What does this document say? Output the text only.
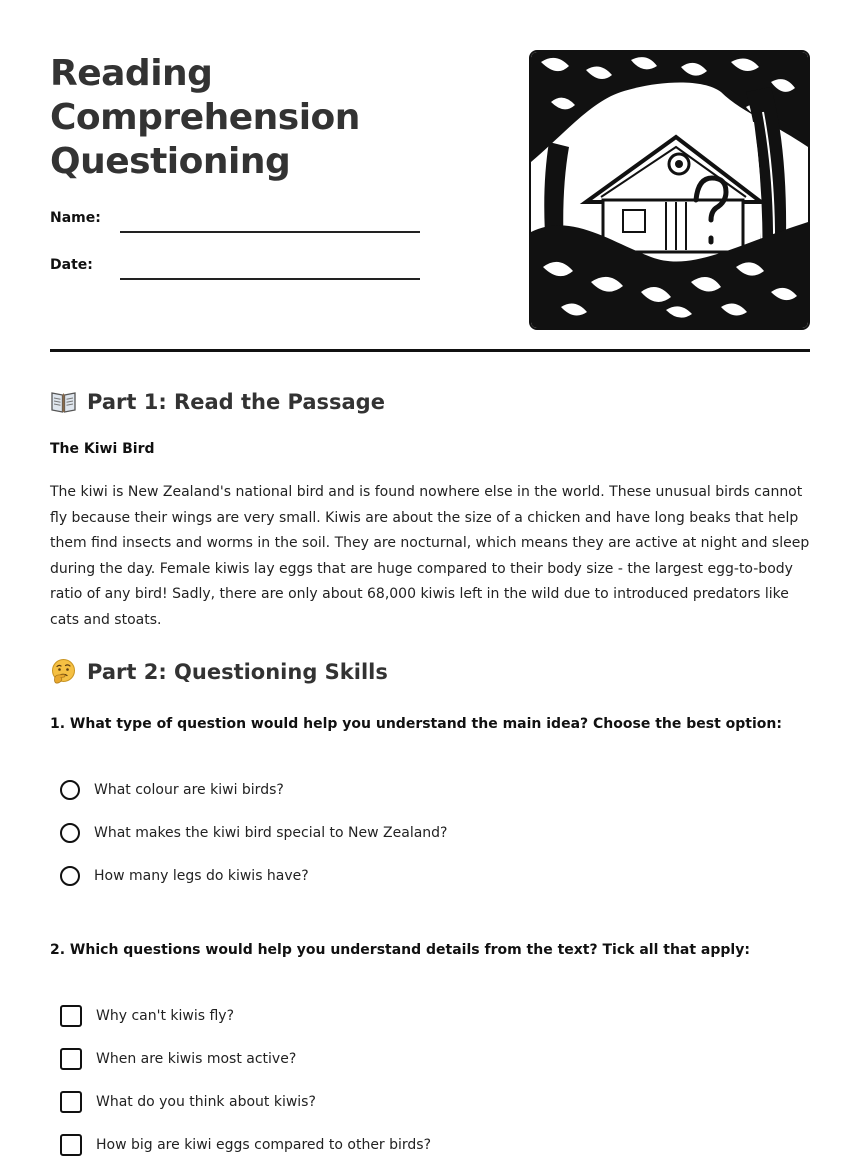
Reading
Comprehension
Questioning
Name:
Date:
Part 1: Read the Passage
The Kiwi Bird

The kiwi is New Zealand's national bird and is found nowhere else in the world. These unusual birds cannot fly because their wings are very small. Kiwis are about the size of a chicken and have long beaks that help them find insects and worms in the soil. They are nocturnal, which means they are active at night and sleep during the day. Female kiwis lay eggs that are huge compared to their body size - the largest egg-to-body ratio of any bird! Sadly, there are only about 68,000 kiwis left in the wild due to introduced predators like cats and stoats.

Part 2: Questioning Skills
1. What type of question would help you understand the main idea? Choose the best option:
What colour are kiwi birds?
What makes the kiwi bird special to New Zealand?
How many legs do kiwis have?
2. Which questions would help you understand details from the text? Tick all that apply:
Why can't kiwis fly?
When are kiwis most active?
What do you think about kiwis?
How big are kiwi eggs compared to other birds?
